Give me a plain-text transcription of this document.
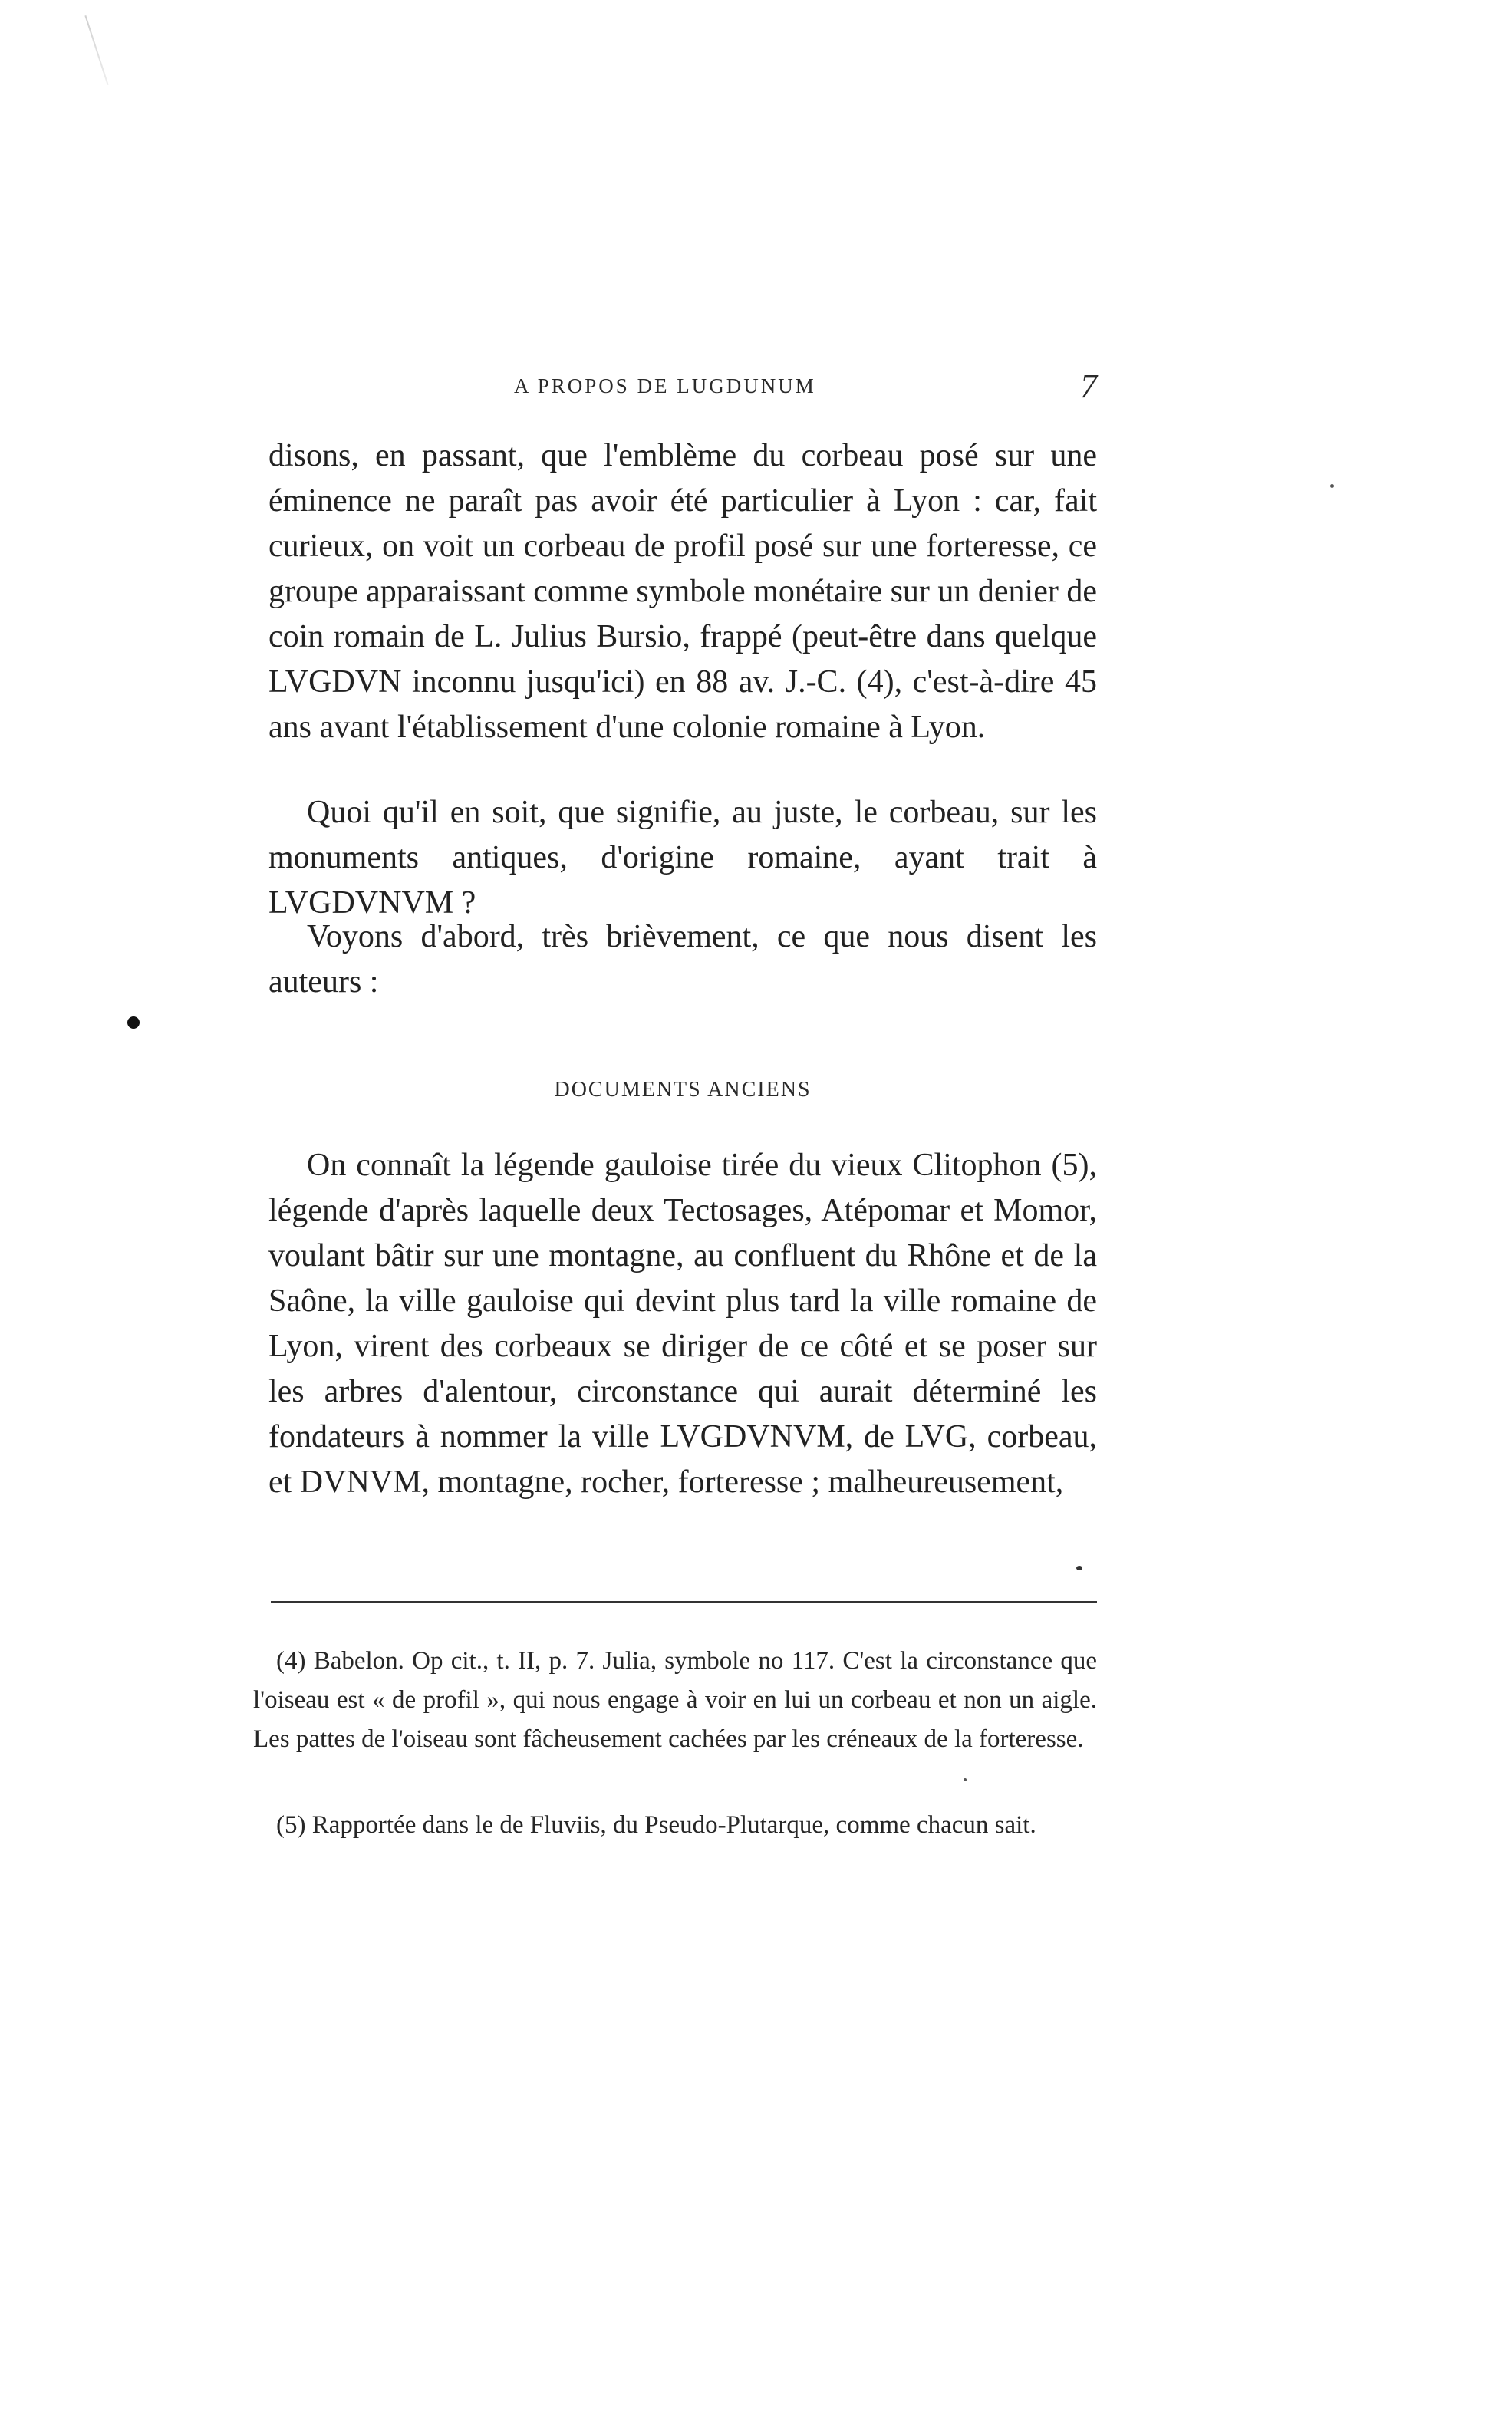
A PROPOS DE LUGDUNUM	7

disons, en passant, que l'emblème du corbeau posé sur une éminence ne paraît pas avoir été particulier à Lyon : car, fait curieux, on voit un corbeau de profil posé sur une forteresse, ce groupe apparaissant comme symbole monétaire sur un denier de coin romain de L. Julius Bursio, frappé (peut-être dans quelque LVGDVN inconnu jusqu'ici) en 88 av. J.-C. (4), c'est-à-dire 45 ans avant l'établissement d'une colonie romaine à Lyon.

Quoi qu'il en soit, que signifie, au juste, le corbeau, sur les monuments antiques, d'origine romaine, ayant trait à LVGDVNVM ?

Voyons d'abord, très brièvement, ce que nous disent les auteurs :

DOCUMENTS ANCIENS

On connaît la légende gauloise tirée du vieux Clitophon (5), légende d'après laquelle deux Tectosages, Atépomar et Momor, voulant bâtir sur une montagne, au confluent du Rhône et de la Saône, la ville gauloise qui devint plus tard la ville romaine de Lyon, virent des corbeaux se diriger de ce côté et se poser sur les arbres d'alentour, circonstance qui aurait déterminé les fondateurs à nommer la ville LVGDVNVM, de LVG, corbeau, et DVNVM, montagne, rocher, forteresse ; malheureusement,

(4) Babelon. Op cit., t. II, p. 7. Julia, symbole no 117. C'est la circonstance que l'oiseau est « de profil », qui nous engage à voir en lui un corbeau et non un aigle. Les pattes de l'oiseau sont fâcheusement cachées par les créneaux de la forteresse.

(5) Rapportée dans le de Fluviis, du Pseudo-Plutarque, comme chacun sait.
